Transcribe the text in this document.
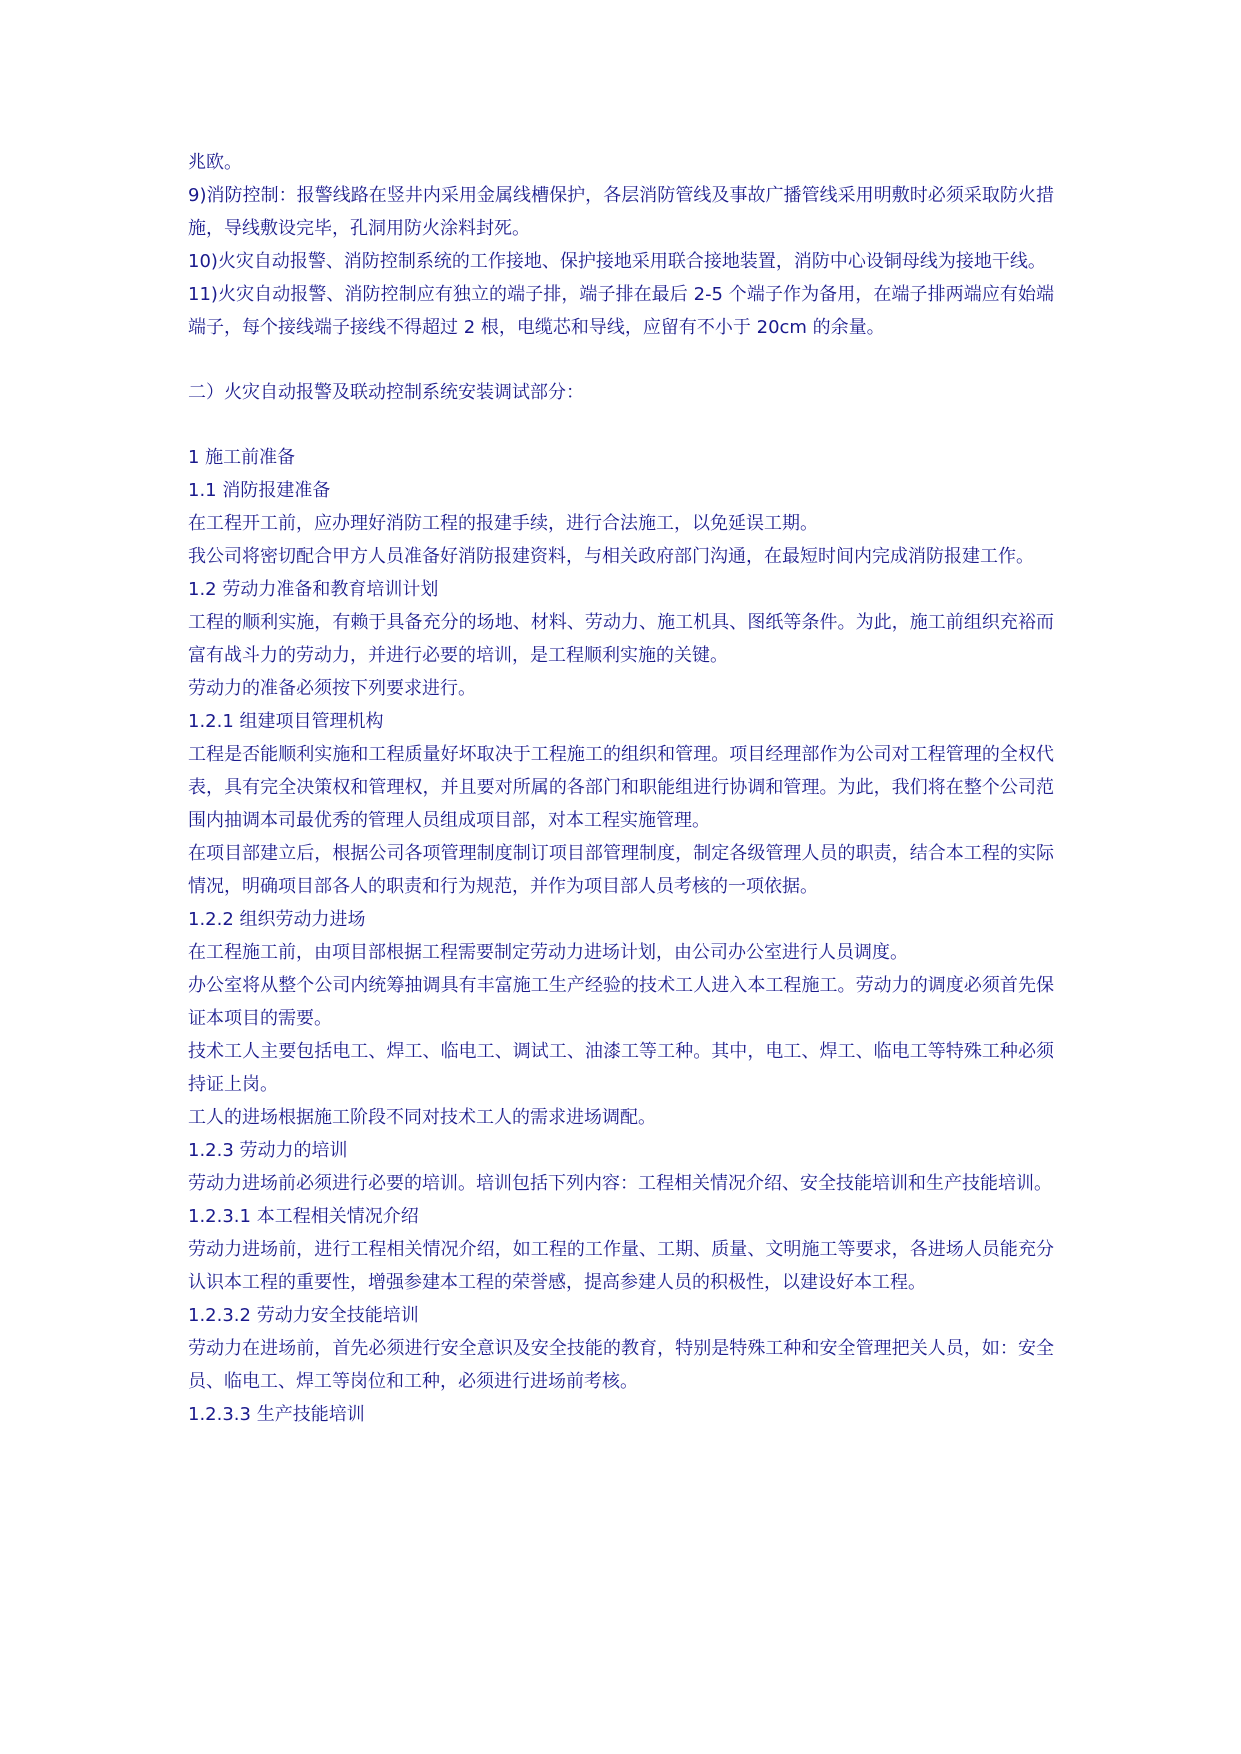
兆欧。

9)消防控制：报警线路在竖井内采用金属线槽保护，各层消防管线及事故广播管线采用明敷时必须采取防火措施，导线敷设完毕，孔洞用防火涂料封死。

10)火灾自动报警、消防控制系统的工作接地、保护接地采用联合接地装置，消防中心设铜母线为接地干线。

11)火灾自动报警、消防控制应有独立的端子排，端子排在最后 2-5 个端子作为备用，在端子排两端应有始端端子，每个接线端子接线不得超过 2 根，电缆芯和导线，应留有不小于 20cm 的余量。

二）火灾自动报警及联动控制系统安装调试部分：

1 施工前准备

1.1 消防报建准备

在工程开工前，应办理好消防工程的报建手续，进行合法施工，以免延误工期。

我公司将密切配合甲方人员准备好消防报建资料，与相关政府部门沟通，在最短时间内完成消防报建工作。

1.2 劳动力准备和教育培训计划

工程的顺利实施，有赖于具备充分的场地、材料、劳动力、施工机具、图纸等条件。为此，施工前组织充裕而富有战斗力的劳动力，并进行必要的培训，是工程顺利实施的关键。

劳动力的准备必须按下列要求进行。

1.2.1 组建项目管理机构

工程是否能顺利实施和工程质量好坏取决于工程施工的组织和管理。项目经理部作为公司对工程管理的全权代表，具有完全决策权和管理权，并且要对所属的各部门和职能组进行协调和管理。为此，我们将在整个公司范围内抽调本司最优秀的管理人员组成项目部，对本工程实施管理。

在项目部建立后，根据公司各项管理制度制订项目部管理制度，制定各级管理人员的职责，结合本工程的实际情况，明确项目部各人的职责和行为规范，并作为项目部人员考核的一项依据。

1.2.2 组织劳动力进场

在工程施工前，由项目部根据工程需要制定劳动力进场计划，由公司办公室进行人员调度。

办公室将从整个公司内统筹抽调具有丰富施工生产经验的技术工人进入本工程施工。劳动力的调度必须首先保证本项目的需要。

技术工人主要包括电工、焊工、临电工、调试工、油漆工等工种。其中，电工、焊工、临电工等特殊工种必须持证上岗。

工人的进场根据施工阶段不同对技术工人的需求进场调配。

1.2.3 劳动力的培训

劳动力进场前必须进行必要的培训。培训包括下列内容：工程相关情况介绍、安全技能培训和生产技能培训。

1.2.3.1 本工程相关情况介绍

劳动力进场前，进行工程相关情况介绍，如工程的工作量、工期、质量、文明施工等要求，各进场人员能充分认识本工程的重要性，增强参建本工程的荣誉感，提高参建人员的积极性，以建设好本工程。

1.2.3.2 劳动力安全技能培训

劳动力在进场前，首先必须进行安全意识及安全技能的教育，特别是特殊工种和安全管理把关人员，如：安全员、临电工、焊工等岗位和工种，必须进行进场前考核。

1.2.3.3 生产技能培训
